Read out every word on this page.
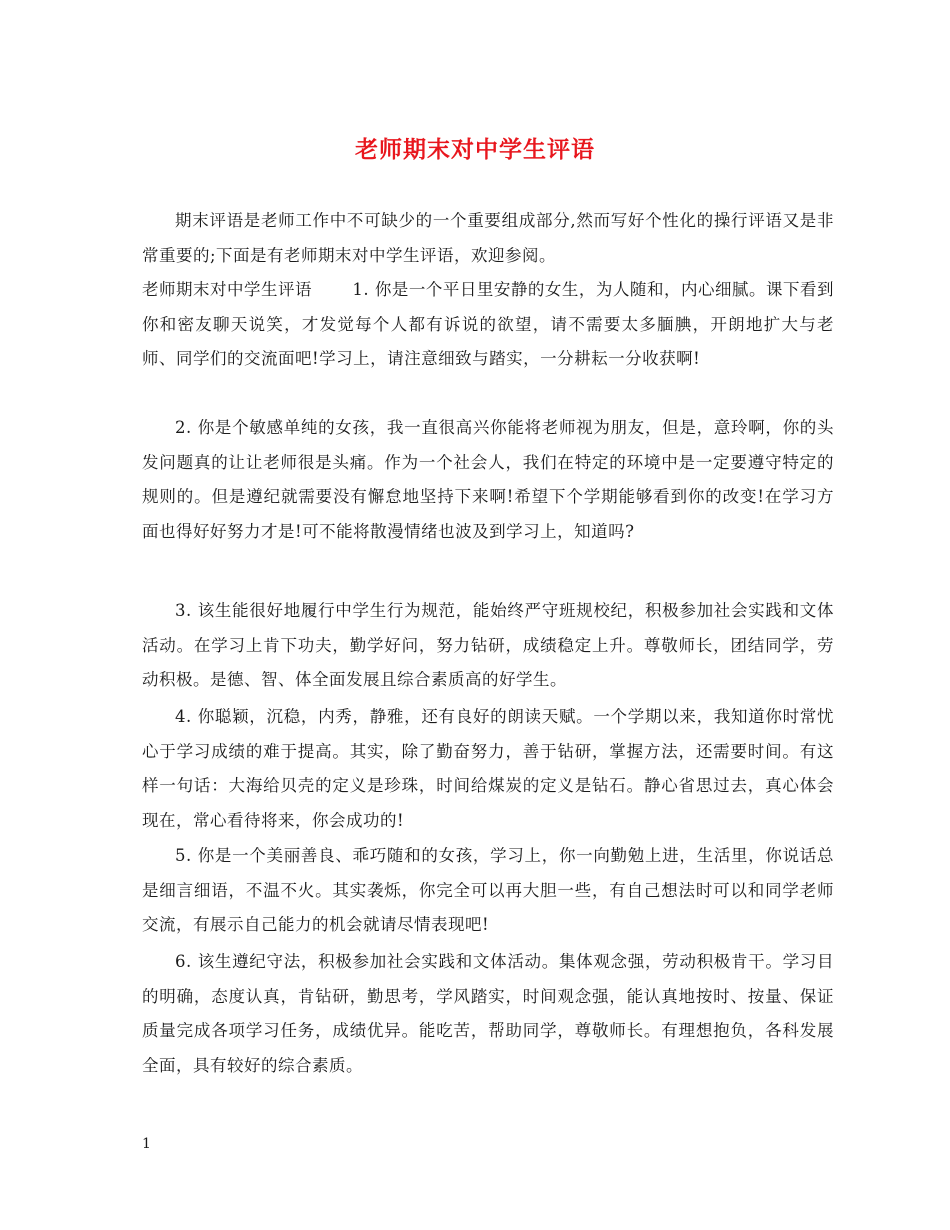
老师期末对中学生评语

期末评语是老师工作中不可缺少的一个重要组成部分,然而写好个性化的操行评语又是非常重要的;下面是有老师期末对中学生评语，欢迎参阅。

老师期末对中学生评语 1. 你是一个平日里安静的女生，为人随和，内心细腻。课下看到你和密友聊天说笑，才发觉每个人都有诉说的欲望，请不需要太多腼腆，开朗地扩大与老师、同学们的交流面吧!学习上，请注意细致与踏实，一分耕耘一分收获啊!

2. 你是个敏感单纯的女孩，我一直很高兴你能将老师视为朋友，但是，意玲啊，你的头发问题真的让让老师很是头痛。作为一个社会人，我们在特定的环境中是一定要遵守特定的规则的。但是遵纪就需要没有懈怠地坚持下来啊!希望下个学期能够看到你的改变!在学习方面也得好好努力才是!可不能将散漫情绪也波及到学习上，知道吗?

3. 该生能很好地履行中学生行为规范，能始终严守班规校纪，积极参加社会实践和文体活动。在学习上肯下功夫，勤学好问，努力钻研，成绩稳定上升。尊敬师长，团结同学，劳动积极。是德、智、体全面发展且综合素质高的好学生。

4. 你聪颖，沉稳，内秀，静雅，还有良好的朗读天赋。一个学期以来，我知道你时常忧心于学习成绩的难于提高。其实，除了勤奋努力，善于钻研，掌握方法，还需要时间。有这样一句话：大海给贝壳的定义是珍珠，时间给煤炭的定义是钻石。静心省思过去，真心体会现在，常心看待将来，你会成功的!

5. 你是一个美丽善良、乖巧随和的女孩，学习上，你一向勤勉上进，生活里，你说话总是细言细语，不温不火。其实袭烁，你完全可以再大胆一些，有自己想法时可以和同学老师交流，有展示自己能力的机会就请尽情表现吧!

6. 该生遵纪守法，积极参加社会实践和文体活动。集体观念强，劳动积极肯干。学习目的明确，态度认真，肯钻研，勤思考，学风踏实，时间观念强，能认真地按时、按量、保证质量完成各项学习任务，成绩优异。能吃苦，帮助同学，尊敬师长。有理想抱负，各科发展全面，具有较好的综合素质。

1
